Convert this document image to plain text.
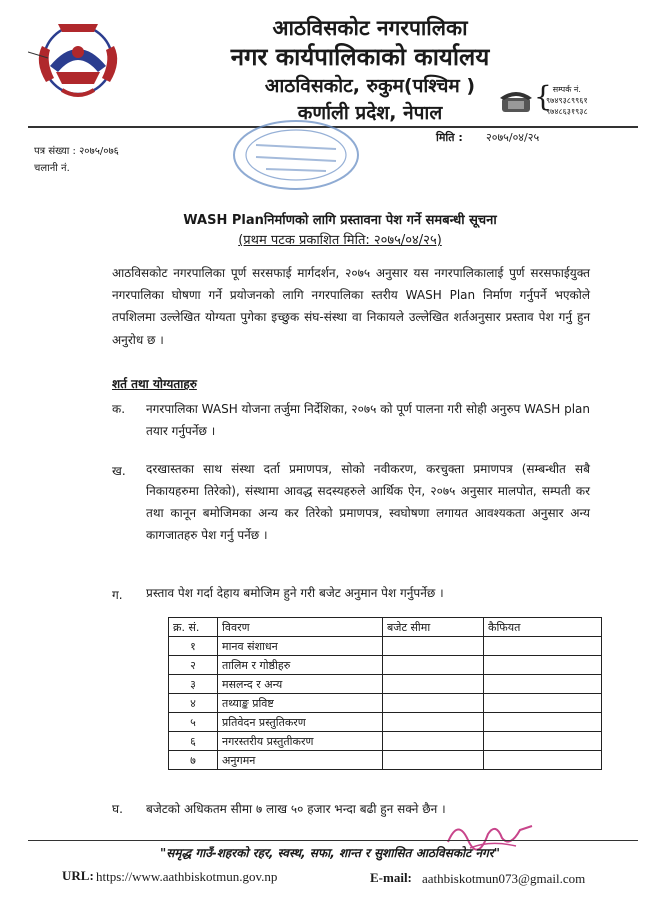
आठविसकोट नगरपालिका
नगर कार्यपालिकाको कार्यालय
आठविसकोट, रुकुम(पश्चिम )
कर्णाली प्रदेश, नेपाल	{ सम्पर्क नं.
९७४९३८९९६१
९७४८६३१९३८
मिति : २०७५/०४/२५
पत्र संख्या : २०७५/०७६
चलानी नं.
WASH Planनिर्माणको लागि प्रस्तावना पेश गर्ने समबन्धी सूचना
(प्रथम पटक प्रकाशित मिति: २०७५/०४/२५)
आठविसकोट नगरपालिका पूर्ण सरसफाई मार्गदर्शन, २०७५ अनुसार यस नगरपालिकालाई पुर्ण सरसफाईयुक्त नगरपालिका घोषणा गर्ने प्रयोजनको लागि नगरपालिका स्तरीय WASH Plan निर्माण गर्नुपर्ने भएकोले तपशिलमा उल्लेखित योग्यता पुगेका इच्छुक संघ-संस्था वा निकायले उल्लेखित शर्तअनुसार प्रस्ताव पेश गर्नु हुन अनुरोध छ ।
शर्त तथा योग्यताहरु
क. नगरपालिका WASH योजना तर्जुमा निर्देशिका, २०७५ को पूर्ण पालना गरी सोही अनुरुप WASH plan तयार गर्नुपर्नेछ ।
ख. दरखास्तका साथ संस्था दर्ता प्रमाणपत्र, सोको नवीकरण, करचुक्ता प्रमाणपत्र (सम्बन्धीत सबै निकायहरुमा तिरेको), संस्थामा आवद्ध सदस्यहरुले आर्थिक ऐन, २०७५ अनुसार मालपोत, सम्पती कर तथा कानून बमोजिमका अन्य कर तिरेको प्रमाणपत्र, स्वघोषणा लगायत आवश्यकता अनुसार अन्य कागजातहरु पेश गर्नु पर्नेछ ।
ग. प्रस्ताव पेश गर्दा देहाय बमोजिम हुने गरी बजेट अनुमान पेश गर्नुपर्नेछ ।
क्र. सं.	विवरण	बजेट सीमा	कैफियत
१	मानव संशाधन		
२	तालिम र गोष्ठीहरु		
३	मसलन्द र अन्य		
४	तथ्याङ्क प्रविष्ट		
५	प्रतिवेदन प्रस्तुतिकरण		
६	नगरस्तरीय प्रस्तुतीकरण		
७	अनुगमन		
घ. बजेटको अधिकतम सीमा ७ लाख ५० हजार भन्दा बढी हुन सक्ने छैन ।
"समृद्ध गाउँ-शहरको रहर, स्वस्थ, सफा, शान्त र सुशासित आठविसकोट नगर"
URL: https://www.aathbiskotmun.gov.np	E-mail: aathbiskotmun073@gmail.com
